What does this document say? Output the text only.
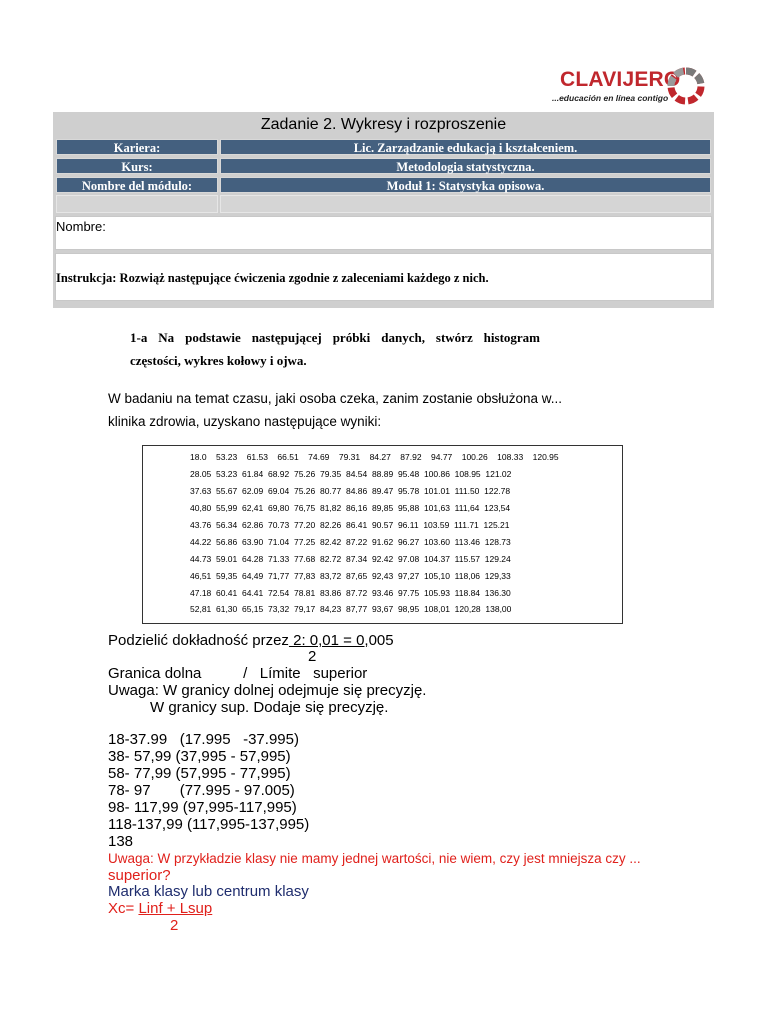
CLAVIJERO
...educación en línea contigo
Zadanie 2. Wykresy i rozproszenie
Kariera:	Lic. Zarządzanie edukacją i kształceniem.
Kurs:	Metodologia statystyczna.
Nombre del módulo:	Moduł 1: Statystyka opisowa.
Nombre:
Instrukcja: Rozwiąż następujące ćwiczenia zgodnie z zaleceniami każdego z nich.
1-a Na podstawie następującej próbki danych, stwórz histogram
częstości, wykres kołowy i ojwa.
W badaniu na temat czasu, jaki osoba czeka, zanim zostanie obsłużona w...
klinika zdrowia, uzyskano następujące wyniki:
18.0    53.23    61.53    66.51    74.69    79.31    84.27    87.92    94.77    100.26    108.33    120.95
28.05  53.23  61.84  68.92  75.26  79.35  84.54  88.89  95.48  100.86  108.95  121.02
37.63  55.67  62.09  69.04  75.26  80.77  84.86  89.47  95.78  101.01  111.50  122.78
40,80  55,99  62,41  69,80  76,75  81,82  86,16  89,85  95,88  101,63  111,64  123,54
43.76  56.34  62.86  70.73  77.20  82.26  86.41  90.57  96.11  103.59  111.71  125.21
44.22  56.86  63.90  71.04  77.25  82.42  87.22  91.62  96.27  103.60  113.46  128.73
44.73  59.01  64.28  71.33  77.68  82.72  87.34  92.42  97.08  104.37  115.57  129.24
46,51  59,35  64,49  71,77  77,83  83,72  87,65  92,43  97,27  105,10  118,06  129,33
47.18  60.41  64.41  72.54  78.81  83.86  87.72  93.46  97.75  105.93  118.84  136.30
52,81  61,30  65,15  73,32  79,17  84,23  87,77  93,67  98,95  108,01  120,28  138,00
Podzielić dokładność przez 2: 0,01 = 0,005
2
Granica dolna          /   Límite   superior
Uwaga: W granicy dolnej odejmuje się precyzję.
W granicy sup. Dodaje się precyzję.
18-37.99   (17.995   -37.995)
38- 57,99 (37,995 - 57,995)
58- 77,99 (57,995 - 77,995)
78- 97       (77.995 - 97.005)
98- 117,99 (97,995-117,995)
118-137,99 (117,995-137,995)
138
Uwaga: W przykładzie klasy nie mamy jednej wartości, nie wiem, czy jest mniejsza czy ...
superior?
Marka klasy lub centrum klasy
Xc= Linf + Lsup
2
